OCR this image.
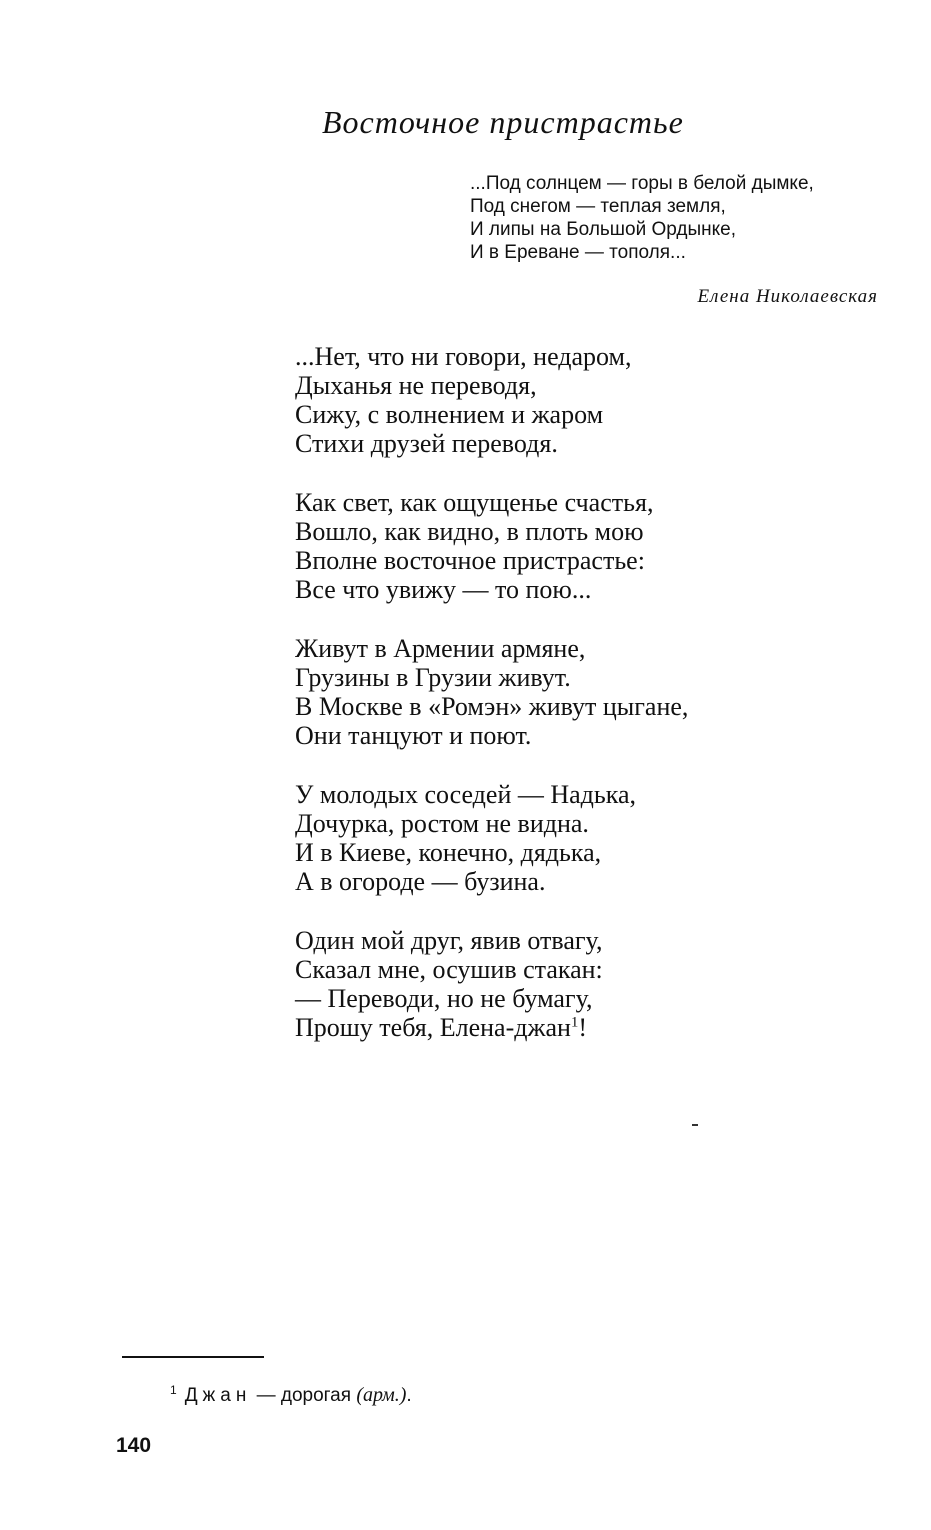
Восточное пристрастье
...Под солнцем — горы в белой дымке,
Под снегом — теплая земля,
И липы на Большой Ордынке,
И в Ереване — тополя...
Елена Николаевская
...Нет, что ни говори, недаром,
Дыханья не переводя,
Сижу, с волнением и жаром
Стихи друзей переводя.
Как свет, как ощущенье счастья,
Вошло, как видно, в плоть мою
Вполне восточное пристрастье:
Все что увижу — то пою...
Живут в Армении армяне,
Грузины в Грузии живут.
В Москве в «Ромэн» живут цыгане,
Они танцуют и поют.
У молодых соседей — Надька,
Дочурка, ростом не видна.
И в Киеве, конечно, дядька,
А в огороде — бузина.
Один мой друг, явив отвагу,
Сказал мне, осушив стакан:
— Переводи, но не бумагу,
Прошу тебя, Елена-джан$^1$!
$^1$ Джан — дорогая (арм.).
140
